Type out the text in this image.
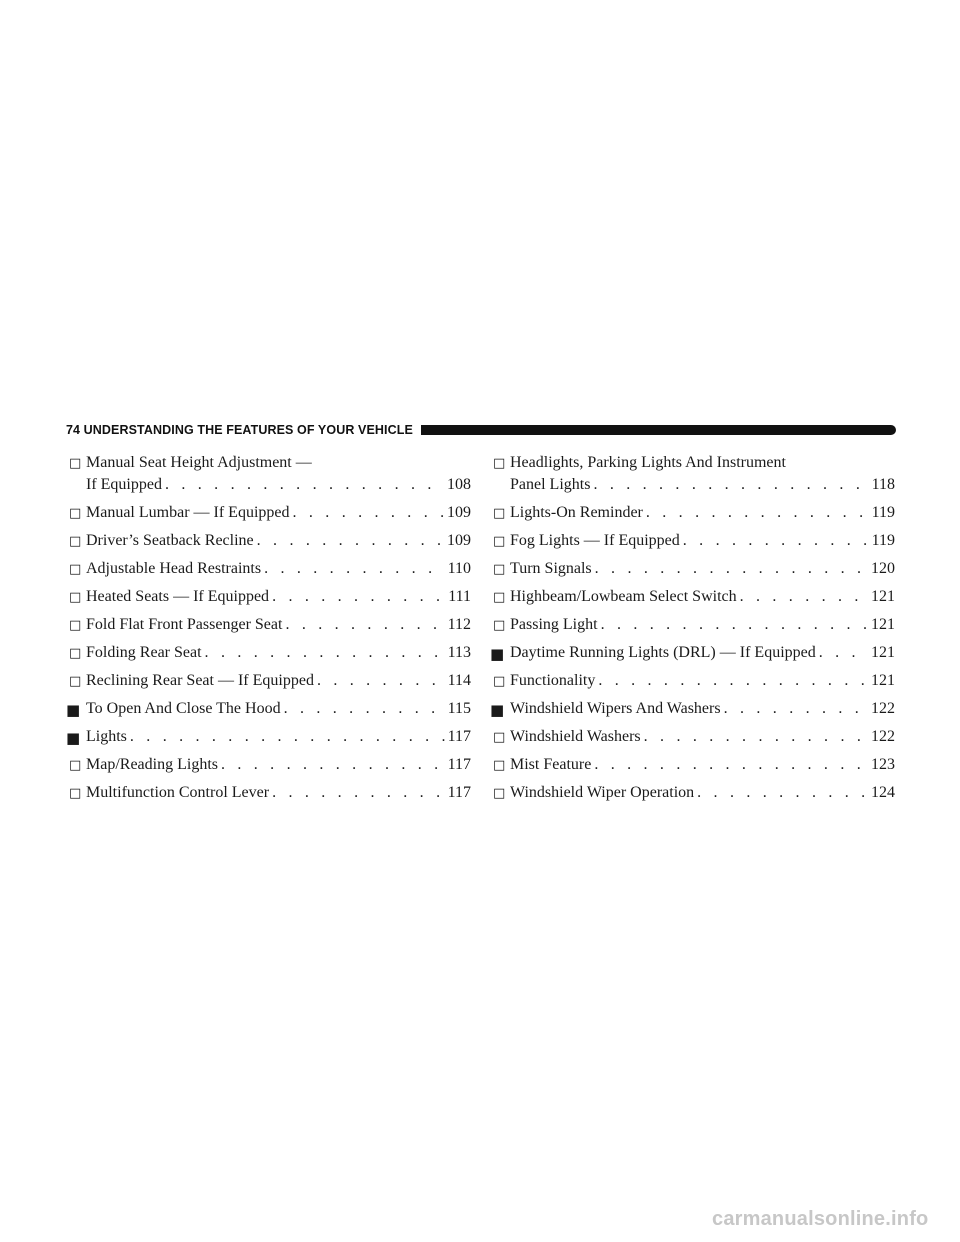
74 UNDERSTANDING THE FEATURES OF YOUR VEHICLE
□ Manual Seat Height Adjustment —
If Equipped . . .	108
□ Manual Lumbar — If Equipped . . .	109
□ Driver’s Seatback Recline . . .	109
□ Adjustable Head Restraints . . .	110
□ Heated Seats — If Equipped . . .	111
□ Fold Flat Front Passenger Seat . . .	112
□ Folding Rear Seat . . .	113
□ Reclining Rear Seat — If Equipped . . .	114
■ To Open And Close The Hood . . .	115
■ Lights . . .	117
□ Map/Reading Lights . . .	117
□ Multifunction Control Lever . . .	117
□ Headlights, Parking Lights And Instrument
Panel Lights . . .	118
□ Lights-On Reminder . . .	119
□ Fog Lights — If Equipped . . .	119
□ Turn Signals . . .	120
□ Highbeam/Lowbeam Select Switch . . .	121
□ Passing Light . . .	121
■ Daytime Running Lights (DRL) — If Equipped . . .	121
□ Functionality . . .	121
■ Windshield Wipers And Washers . . .	122
□ Windshield Washers . . .	122
□ Mist Feature . . .	123
□ Windshield Wiper Operation . . .	124
carmanualsonline.info
